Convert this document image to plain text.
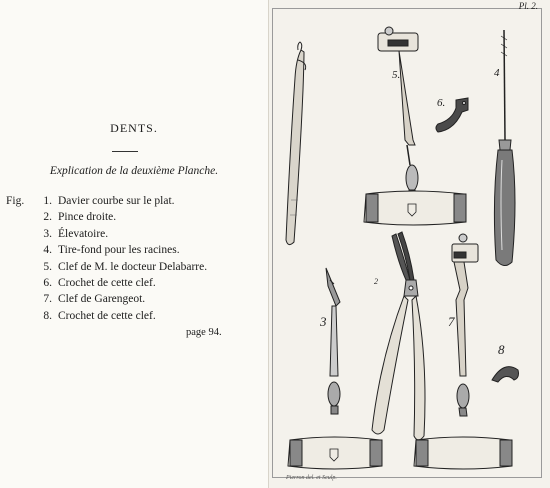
DENTS.
Explication de la deuxième Planche.
Fig.	1. Davier courbe sur le plat.
2. Pince droite.
3. Élevatoire.
4. Tire-fond pour les racines.
5. Clef de M. le docteur Delabarre.
6. Crochet de cette clef.
7. Clef de Garengeot.
8. Crochet de cette clef.
page 94.
5.
6.
4
2
3	7
8
Pl. 2.
Pierron del. et Sculp.
